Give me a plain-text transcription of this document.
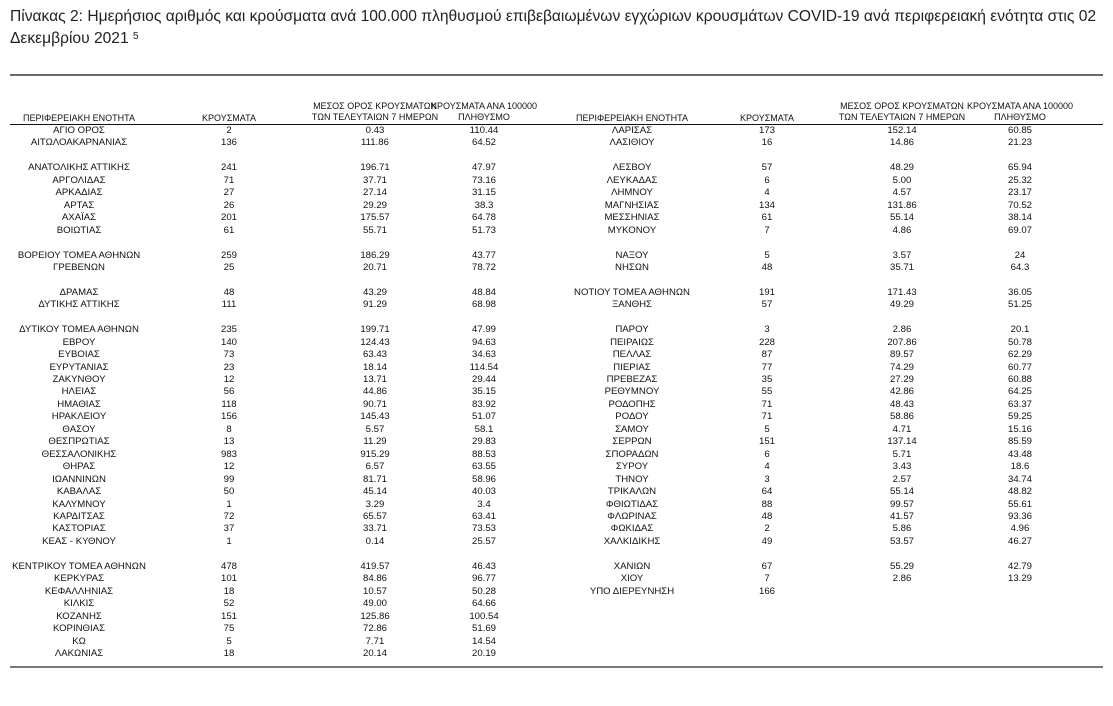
Πίνακας 2: Ημερήσιος αριθμός και κρούσματα ανά 100.000 πληθυσμού επιβεβαιωμένων εγχώριων κρουσμάτων COVID-19 ανά περιφερειακή ενότητα στις 02 Δεκεμβρίου 2021 $^5$
ΠΕΡΙΦΕΡΕΙΑΚΗ ΕΝΟΤΗΤΑ	ΚΡΟΥΣΜΑΤΑ
ΜΕΣΟΣ ΟΡΟΣ ΚΡΟΥΣΜΑΤΩΝ
ΤΩΝ ΤΕΛΕΥΤΑΙΩΝ 7 ΗΜΕΡΩΝ
ΚΡΟΥΣΜΑΤΑ ΑΝΑ 100000
ΠΛΗΘΥΣΜΟ	ΠΕΡΙΦΕΡΕΙΑΚΗ ΕΝΟΤΗΤΑ	ΚΡΟΥΣΜΑΤΑ
ΜΕΣΟΣ ΟΡΟΣ ΚΡΟΥΣΜΑΤΩΝ
ΤΩΝ ΤΕΛΕΥΤΑΙΩΝ 7 ΗΜΕΡΩΝ
ΚΡΟΥΣΜΑΤΑ ΑΝΑ 100000
ΠΛΗΘΥΣΜΟ
ΑΓΙΟ ΟΡΟΣ	2	0.43	110.44
ΑΙΤΩΛΟΑΚΑΡΝΑΝΙΑΣ	136	111.86	64.52
ΑΝΑΤΟΛΙΚΗΣ ΑΤΤΙΚΗΣ	241	196.71	47.97
ΑΡΓΟΛΙΔΑΣ	71	37.71	73.16
ΑΡΚΑΔΙΑΣ	27	27.14	31.15
ΑΡΤΑΣ	26	29.29	38.3
ΑΧΑΪΑΣ	201	175.57	64.78
ΒΟΙΩΤΙΑΣ	61	55.71	51.73
ΒΟΡΕΙΟΥ ΤΟΜΕΑ ΑΘΗΝΩΝ	259	186.29	43.77
ΓΡΕΒΕΝΩΝ	25	20.71	78.72
ΔΡΑΜΑΣ	48	43.29	48.84
ΔΥΤΙΚΗΣ ΑΤΤΙΚΗΣ	111	91.29	68.98
ΔΥΤΙΚΟΥ ΤΟΜΕΑ ΑΘΗΝΩΝ	235	199.71	47.99
ΕΒΡΟΥ	140	124.43	94.63
ΕΥΒΟΙΑΣ	73	63.43	34.63
ΕΥΡΥΤΑΝΙΑΣ	23	18.14	114.54
ΖΑΚΥΝΘΟΥ	12	13.71	29.44
ΗΛΕΙΑΣ	56	44.86	35.15
ΗΜΑΘΙΑΣ	118	90.71	83.92
ΗΡΑΚΛΕΙΟΥ	156	145.43	51.07
ΘΑΣΟΥ	8	5.57	58.1
ΘΕΣΠΡΩΤΙΑΣ	13	11.29	29.83
ΘΕΣΣΑΛΟΝΙΚΗΣ	983	915.29	88.53
ΘΗΡΑΣ	12	6.57	63.55
ΙΩΑΝΝΙΝΩΝ	99	81.71	58.96
ΚΑΒΑΛΑΣ	50	45.14	40.03
ΚΑΛΥΜΝΟΥ	1	3.29	3.4
ΚΑΡΔΙΤΣΑΣ	72	65.57	63.41
ΚΑΣΤΟΡΙΑΣ	37	33.71	73.53
ΚΕΑΣ - ΚΥΘΝΟΥ	1	0.14	25.57
ΚΕΝΤΡΙΚΟΥ ΤΟΜΕΑ ΑΘΗΝΩΝ	478	419.57	46.43
ΚΕΡΚΥΡΑΣ	101	84.86	96.77
ΚΕΦΑΛΛΗΝΙΑΣ	18	10.57	50.28
ΚΙΛΚΙΣ	52	49.00	64.66
ΚΟΖΑΝΗΣ	151	125.86	100.54
ΚΟΡΙΝΘΙΑΣ	75	72.86	51.69
ΚΩ	5	7.71	14.54
ΛΑΚΩΝΙΑΣ	18	20.14	20.19
ΛΑΡΙΣΑΣ	173	152.14	60.85
ΛΑΣΙΘΙΟΥ	16	14.86	21.23
ΛΕΣΒΟΥ	57	48.29	65.94
ΛΕΥΚΑΔΑΣ	6	5.00	25.32
ΛΗΜΝΟΥ	4	4.57	23.17
ΜΑΓΝΗΣΙΑΣ	134	131.86	70.52
ΜΕΣΣΗΝΙΑΣ	61	55.14	38.14
ΜΥΚΟΝΟΥ	7	4.86	69.07
ΝΑΞΟΥ	5	3.57	24
ΝΗΣΩΝ	48	35.71	64.3
ΝΟΤΙΟΥ ΤΟΜΕΑ ΑΘΗΝΩΝ	191	171.43	36.05
ΞΑΝΘΗΣ	57	49.29	51.25
ΠΑΡΟΥ	3	2.86	20.1
ΠΕΙΡΑΙΩΣ	228	207.86	50.78
ΠΕΛΛΑΣ	87	89.57	62.29
ΠΙΕΡΙΑΣ	77	74.29	60.77
ΠΡΕΒΕΖΑΣ	35	27.29	60.88
ΡΕΘΥΜΝΟΥ	55	42.86	64.25
ΡΟΔΟΠΗΣ	71	48.43	63.37
ΡΟΔΟΥ	71	58.86	59.25
ΣΑΜΟΥ	5	4.71	15.16
ΣΕΡΡΩΝ	151	137.14	85.59
ΣΠΟΡΑΔΩΝ	6	5.71	43.48
ΣΥΡΟΥ	4	3.43	18.6
ΤΗΝΟΥ	3	2.57	34.74
ΤΡΙΚΑΛΩΝ	64	55.14	48.82
ΦΘΙΩΤΙΔΑΣ	88	99.57	55.61
ΦΛΩΡΙΝΑΣ	48	41.57	93.36
ΦΩΚΙΔΑΣ	2	5.86	4.96
ΧΑΛΚΙΔΙΚΗΣ	49	53.57	46.27
ΧΑΝΙΩΝ	67	55.29	42.79
ΧΙΟΥ	7	2.86	13.29
ΥΠΟ ΔΙΕΡΕΥΝΗΣΗ	166
